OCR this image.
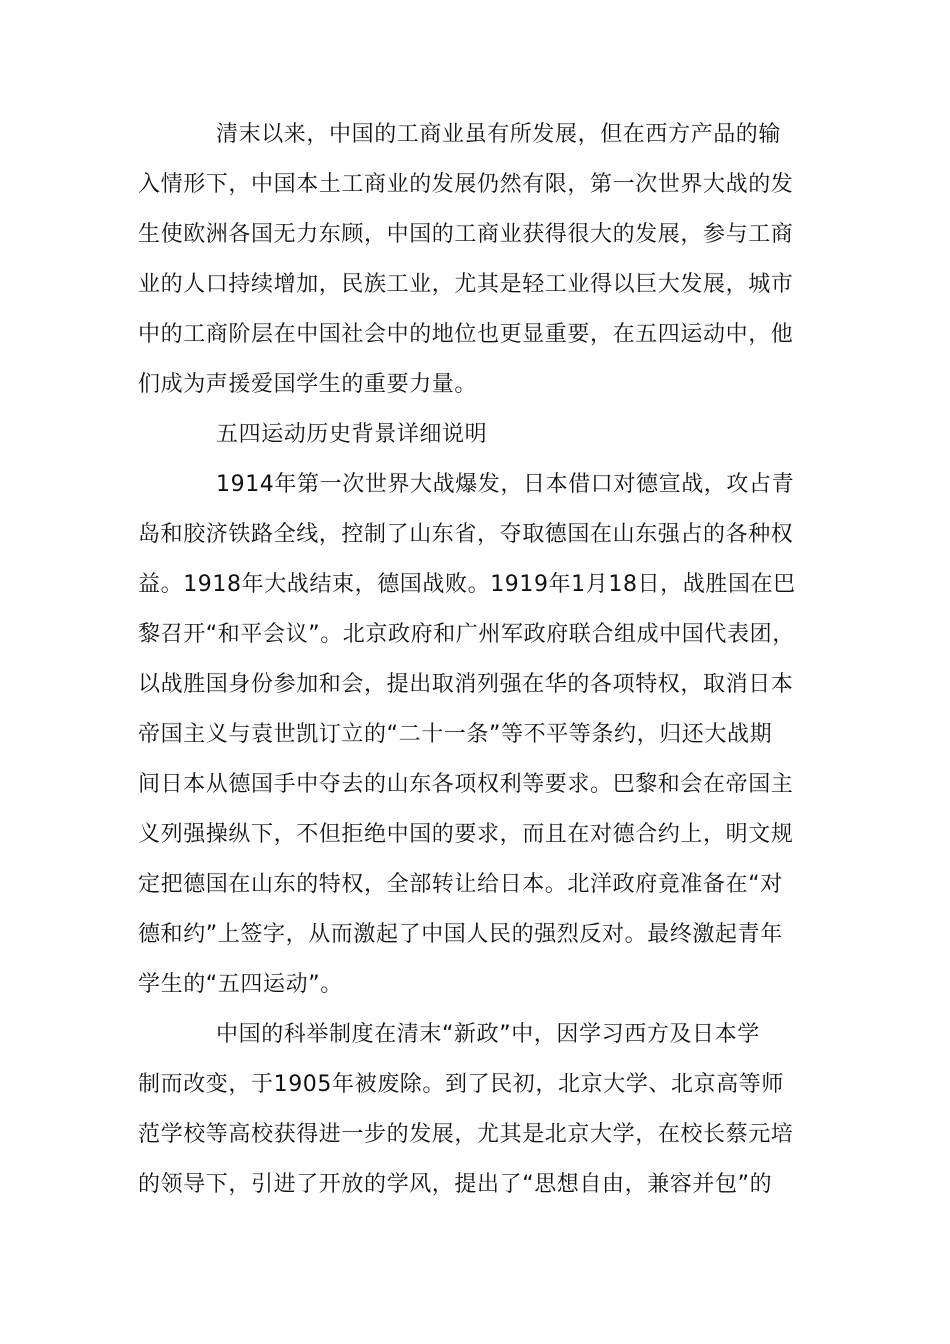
清末以来，中国的工商业虽有所发展，但在西方产品的输
入情形下，中国本土工商业的发展仍然有限，第一次世界大战的发
生使欧洲各国无力东顾，中国的工商业获得很大的发展，参与工商
业的人口持续增加，民族工业，尤其是轻工业得以巨大发展，城市
中的工商阶层在中国社会中的地位也更显重要，在五四运动中，他
们成为声援爱国学生的重要力量。
五四运动历史背景详细说明
1914年第一次世界大战爆发，日本借口对德宣战，攻占青
岛和胶济铁路全线，控制了山东省，夺取德国在山东强占的各种权
益。1918年大战结束，德国战败。1919年1月18日，战胜国在巴
黎召开“和平会议”。北京政府和广州军政府联合组成中国代表团，
以战胜国身份参加和会，提出取消列强在华的各项特权，取消日本
帝国主义与袁世凯订立的“二十一条”等不平等条约，归还大战期
间日本从德国手中夺去的山东各项权利等要求。巴黎和会在帝国主
义列强操纵下，不但拒绝中国的要求，而且在对德合约上，明文规
定把德国在山东的特权，全部转让给日本。北洋政府竟准备在“对
德和约”上签字，从而激起了中国人民的强烈反对。最终激起青年
学生的“五四运动”。
中国的科举制度在清末“新政”中，因学习西方及日本学
制而改变，于1905年被废除。到了民初，北京大学、北京高等师
范学校等高校获得进一步的发展，尤其是北京大学，在校长蔡元培
的领导下，引进了开放的学风，提出了“思想自由，兼容并包”的
